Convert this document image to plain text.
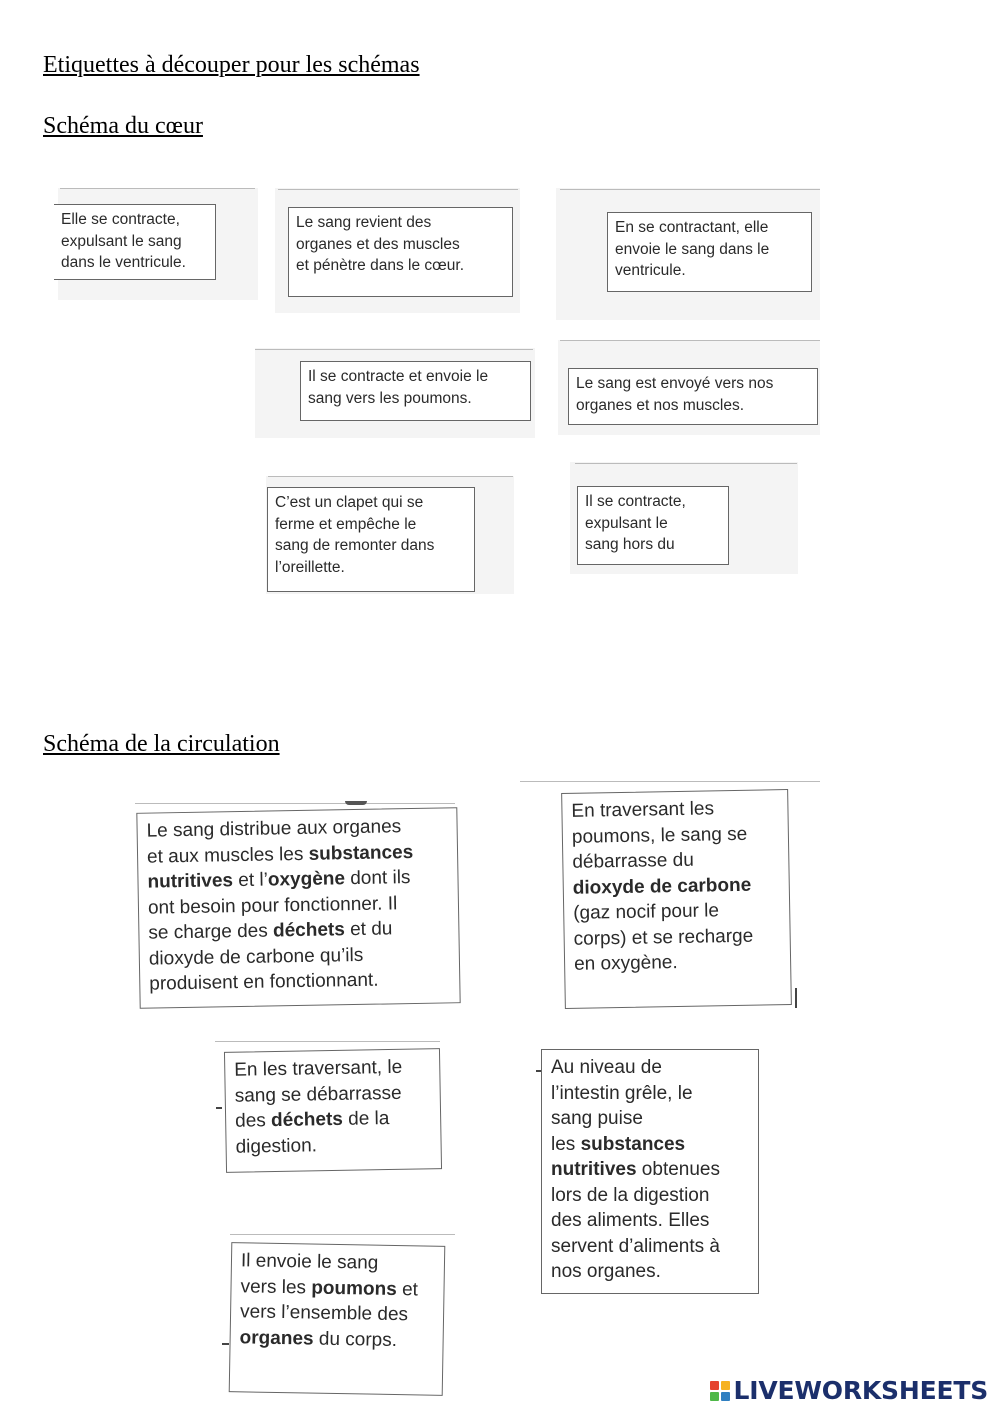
Etiquettes à découper pour les schémas
Schéma du cœur
Schéma de la circulation
Elle se contracte,
expulsant le sang
dans le ventricule.
Le sang revient des
organes et des muscles
et pénètre dans le cœur.
En se contractant, elle
envoie le sang dans le
ventricule.
Il se contracte et envoie le
sang vers les poumons.
Le sang est envoyé vers nos
organes et nos muscles.
C’est un clapet qui se
ferme et empêche le
sang de remonter dans
l’oreillette.
Il se contracte,
expulsant le
sang hors du
Le sang distribue aux organes
et aux muscles les substances
nutritives et l’oxygène dont ils
ont besoin pour fonctionner. Il
se charge des déchets et du
dioxyde de carbone qu’ils
produisent en fonctionnant.
En traversant les
poumons, le sang se
débarrasse du
dioxyde de carbone
(gaz nocif pour le
corps) et se recharge
en oxygène.
En les traversant, le
sang se débarrasse
des déchets de la
digestion.
Au niveau de
l’intestin grêle, le
sang puise
les substances
nutritives obtenues
lors de la digestion
des aliments. Elles
servent d’aliments à
nos organes.
Il envoie le sang
vers les poumons et
vers l’ensemble des
organes du corps.
LIVEWORKSHEETS
